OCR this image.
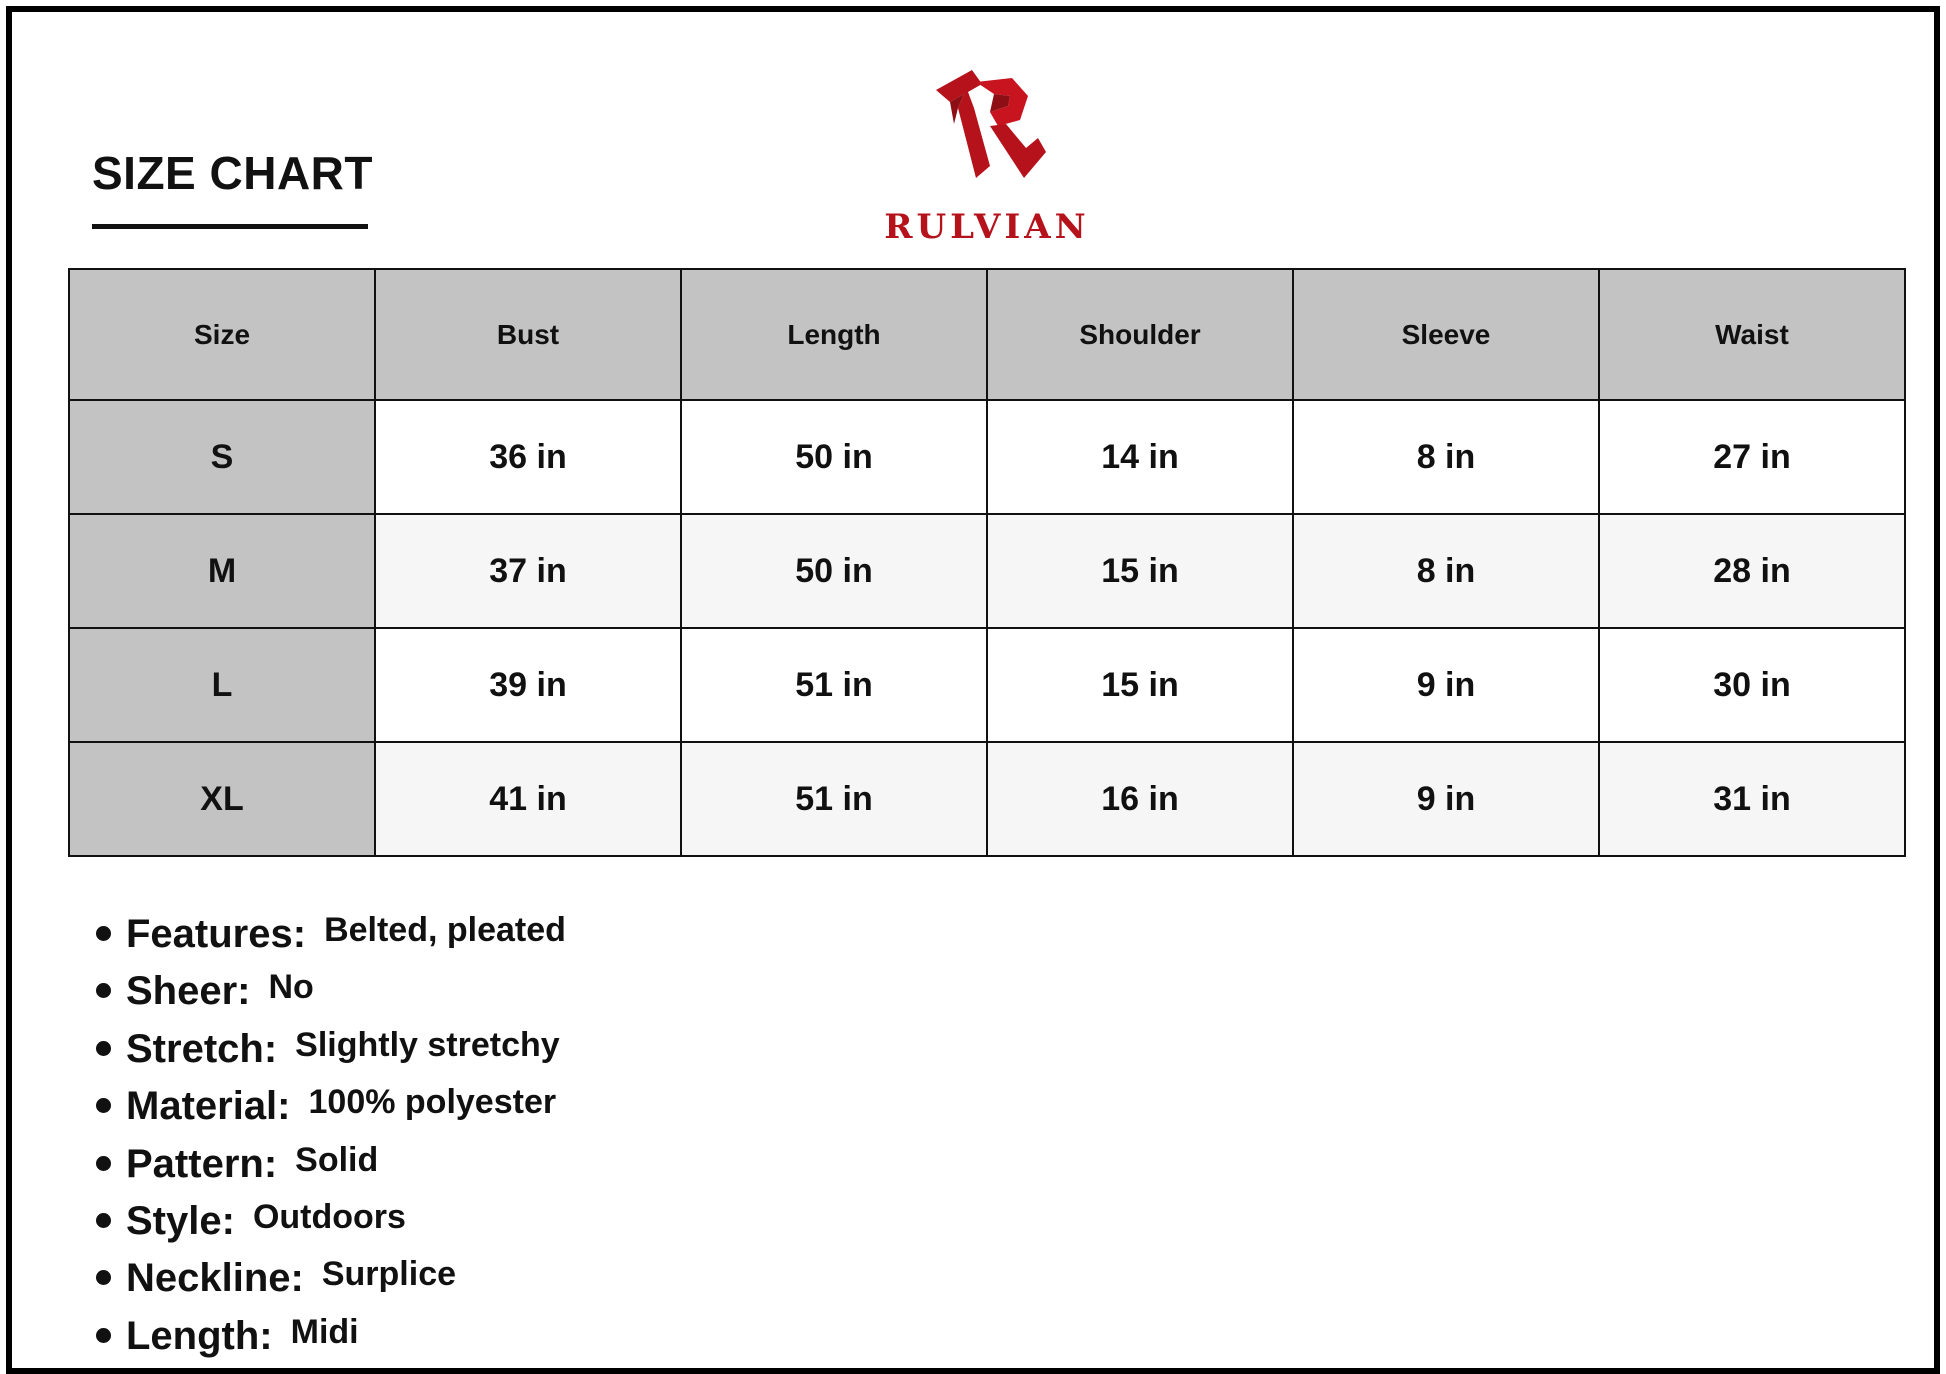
SIZE CHART
RULVIAN
Size	Bust	Length	Shoulder	Sleeve	Waist
S	36 in	50 in	14 in	8 in	27 in
M	37 in	50 in	15 in	8 in	28 in
L	39 in	51 in	15 in	9 in	30 in
XL	41 in	51 in	16 in	9 in	31 in
Features: Belted, pleated
Sheer: No
Stretch: Slightly stretchy
Material: 100% polyester
Pattern: Solid
Style: Outdoors
Neckline: Surplice
Length: Midi
